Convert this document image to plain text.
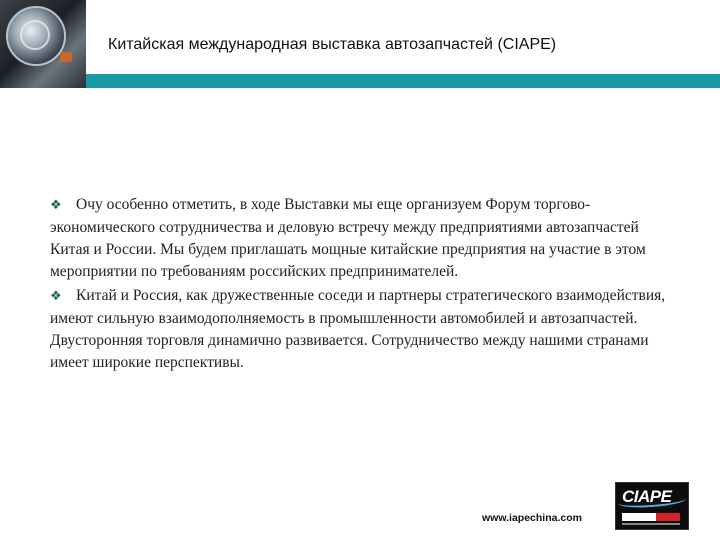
Китайская международная выставка автозапчастей (CIAPE)

❖ Очу особенно отметить, в ходе Выставки мы еще организуем Форум торгово-экономического сотрудничества и деловую встречу между предприятиями автозапчастей Китая и России. Мы будем приглашать мощные китайские предприятия на участие в этом мероприятии по требованиям российских предпринимателей.

❖ Китай и Россия, как дружественные соседи и партнеры стратегического взаимодействия, имеют сильную взаимодополняемость в промышленности автомобилей и автозапчастей. Двусторонняя торговля динамично развивается. Сотрудничество между нашими странами имеет широкие перспективы.

www.iapechina.com
CIAPE
